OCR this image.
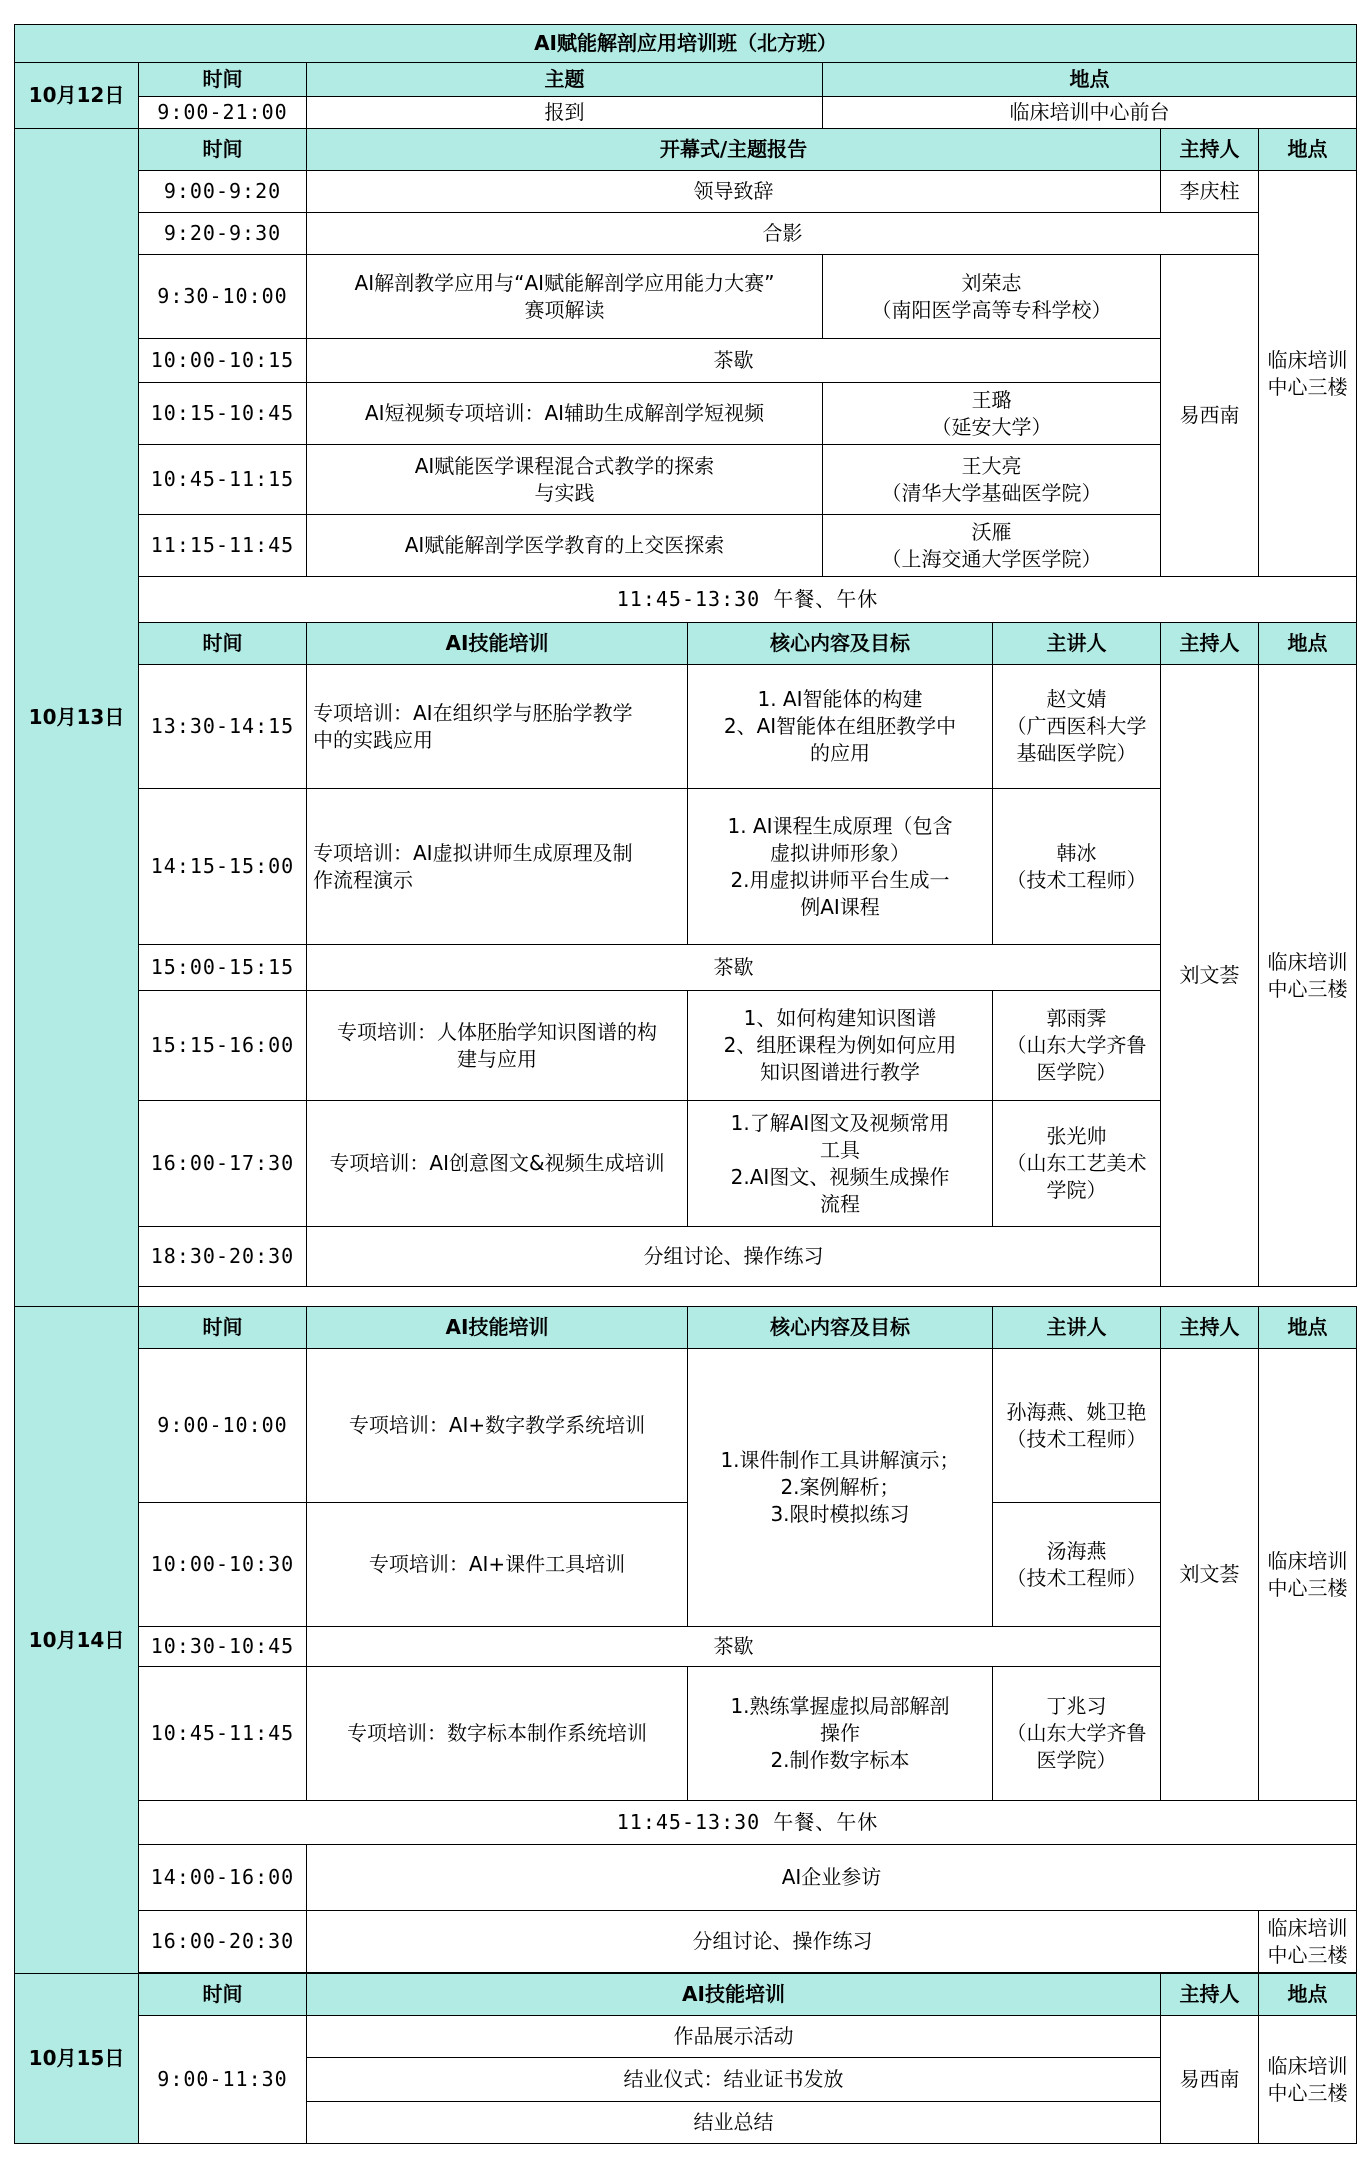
AI赋能解剖应用培训班（北方班）							
10月12日	时间	主题		地点			
	9:00-21:00	报到		临床培训中心前台			
10月13日	时间	开幕式/主题报告				主持人	地点
	9:00-9:20	领导致辞				李庆柱	临床培训
中心三楼
	9:20-9:30	合影					
	9:30-10:00	AI解剖教学应用与“AI赋能解剖学应用能力大赛”
赛项解读		刘荣志
（南阳医学高等专科学校）		易西南	
	10:00-10:15	茶歇					
	10:15-10:45	AI短视频专项培训：AI辅助生成解剖学短视频		王璐
（延安大学）			
	10:45-11:15	AI赋能医学课程混合式教学的探索
与实践		王大亮
（清华大学基础医学院）			
	11:15-11:45	AI赋能解剖学医学教育的上交医探索		沃雁
（上海交通大学医学院）			
	11:45-13:30 午餐、午休						
	时间	AI技能培训	核心内容及目标		主讲人	主持人	地点
	13:30-14:15	专项培训：AI在组织学与胚胎学教学
中的实践应用	1. AI智能体的构建
2、AI智能体在组胚教学中
的应用		赵文婧
（广西医科大学
基础医学院）	刘文荟	临床培训
中心三楼
	14:15-15:00	专项培训：AI虚拟讲师生成原理及制
作流程演示	1. AI课程生成原理（包含
虚拟讲师形象）
2.用虚拟讲师平台生成一
例AI课程		韩冰
（技术工程师）		
	15:00-15:15	茶歇					
	15:15-16:00	专项培训：人体胚胎学知识图谱的构
建与应用	1、如何构建知识图谱
2、组胚课程为例如何应用
知识图谱进行教学		郭雨霁
（山东大学齐鲁
医学院）		
	16:00-17:30	专项培训：AI创意图文&视频生成培训	1.了解AI图文及视频常用
工具
2.AI图文、视频生成操作
流程		张光帅
（山东工艺美术
学院）		
	18:30-20:30	分组讨论、操作练习					

10月14日	时间	AI技能培训	核心内容及目标		主讲人	主持人	地点
	9:00-10:00	专项培训：AI+数字教学系统培训	1.课件制作工具讲解演示；
2.案例解析；
3.限时模拟练习		孙海燕、姚卫艳
（技术工程师）	刘文荟	临床培训
中心三楼
	10:00-10:30	专项培训：AI+课件工具培训			汤海燕
（技术工程师）		
	10:30-10:45	茶歇					
	10:45-11:45	专项培训：数字标本制作系统培训	1.熟练掌握虚拟局部解剖
操作
2.制作数字标本		丁兆习
（山东大学齐鲁
医学院）		
	11:45-13:30 午餐、午休						
	14:00-16:00	AI企业参访					
	16:00-20:30	分组讨论、操作练习					临床培训
中心三楼

10月15日	时间	AI技能培训				主持人	地点
	9:00-11:30	作品展示活动				易西南	临床培训
中心三楼
		结业仪式：结业证书发放					
		结业总结					
